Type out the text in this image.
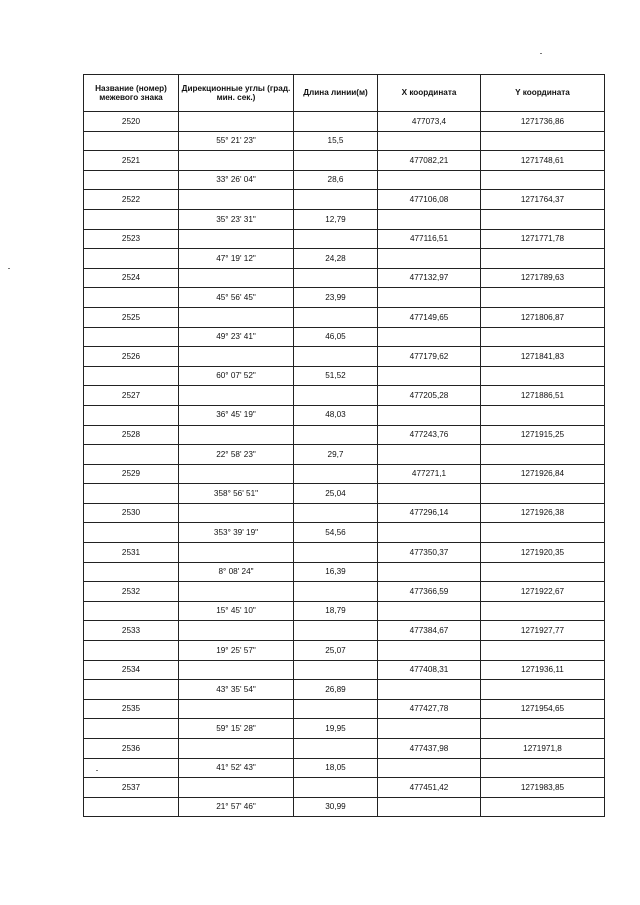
Название (номер) межевого знака	Дирекционные углы (град. мин. сек.)	Длина линии(м)	X координата	Y координата
2520			477073,4	1271736,86
	55° 21' 23"	15,5		
2521			477082,21	1271748,61
	33° 26' 04"	28,6		
2522			477106,08	1271764,37
	35° 23' 31"	12,79		
2523			477116,51	1271771,78
	47° 19' 12"	24,28		
2524			477132,97	1271789,63
	45° 56' 45"	23,99		
2525			477149,65	1271806,87
	49° 23' 41"	46,05		
2526			477179,62	1271841,83
	60° 07' 52"	51,52		
2527			477205,28	1271886,51
	36° 45' 19"	48,03		
2528			477243,76	1271915,25
	22° 58' 23"	29,7		
2529			477271,1	1271926,84
	358° 56' 51"	25,04		
2530			477296,14	1271926,38
	353° 39' 19"	54,56		
2531			477350,37	1271920,35
	8° 08' 24"	16,39		
2532			477366,59	1271922,67
	15° 45' 10"	18,79		
2533			477384,67	1271927,77
	19° 25' 57"	25,07		
2534			477408,31	1271936,11
	43° 35' 54"	26,89		
2535			477427,78	1271954,65
	59° 15' 28"	19,95		
2536			477437,98	1271971,8
	41° 52' 43"	18,05		
2537			477451,42	1271983,85
	21° 57' 46"	30,99		
